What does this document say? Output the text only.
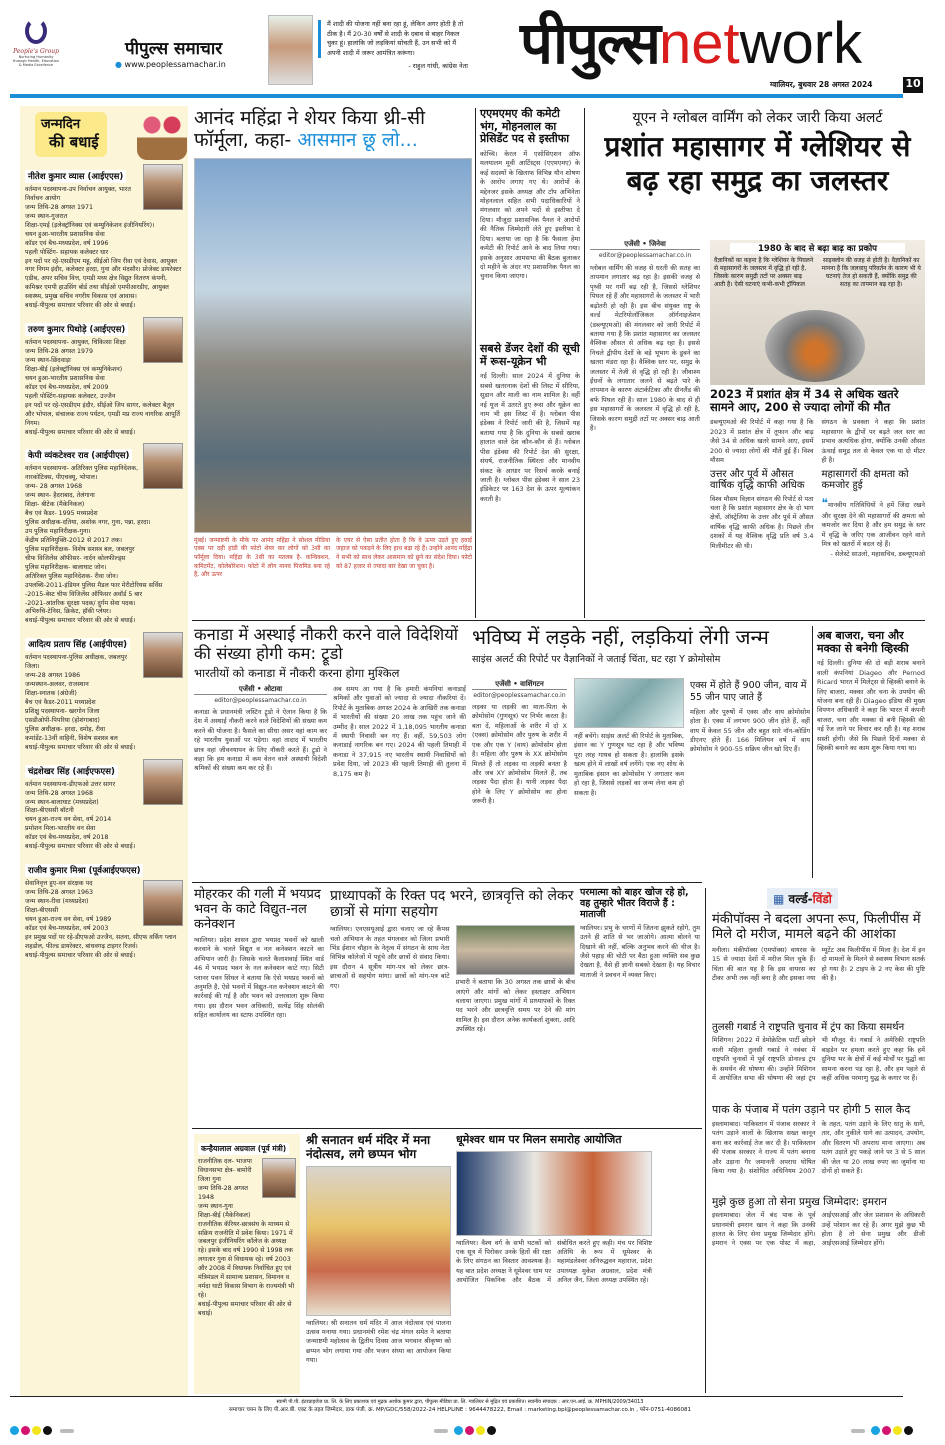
People's Group
Nurturing Humanity through Health, Education & Media Excellence
पीपुल्स समाचार
● www.peoplessamachar.in
मैं शादी की योजना नहीं बना रहा हूं, लेकिन अगर होती है तो ठीक है। मैं 20-30 वर्षों से शादी के दबाव से बाहर निकल चुका हूं। हालांकि जो लड़कियां सोचती हैं, उन सभी को मैं अपनी शादी में जरूर आमंत्रित करूंगा।
- राहुल गांधी, कांग्रेस नेता पीपुल्सnetwork
ग्वालियर, बुधवार 28 अगस्त 2024	10
जन्मदिन
की बधाई
नीतेश कुमार व्यास (आईएएस)
वर्तमान पदस्थापना-उप निर्वाचन आयुक्त, भारत निर्वाचन आयोग
जन्म तिथि-28 अगस्त 1971
जन्म स्थान-गुजरात
शिक्षा-एमई (इलेक्ट्रॉनिक्स एवं कम्युनिकेशन इंजीनियरिंग)।
चयन हुआ-भारतीय प्रशासनिक सेवा
कॉडर एवं बैच-मध्यप्रदेश, वर्ष 1996
पहली पोस्टिंग- सहायक कलेक्टर धार
इन पदों पर रहे-एसडीएम महू, सीईओ जिप रीवा एवं देवास, आयुक्त नगर निगम इंदौर, कलेक्टर हरदा, गुना और मंदसौर। प्रोजेक्ट डायरेक्टर एडीब, अपर सचिव वित्त, एमडी मध्य क्षेत्र विद्युत वितरण कंपनी, कमिश्नर एमपी हाउसिंग बोर्ड तथा सीईओ एमपीआरडीए, आयुक्त स्वास्थ्य, प्रमुख सचिव नगरीय विकास एवं आवास।
बधाई-पीपुल्स समाचार परिवार की ओर से बधाई।
तरुण कुमार पिथोड़े (आईएएस)
वर्तमान पदस्थापना- आयुक्त, चिकित्सा शिक्षा
जन्म तिथि-28 अगस्त 1979
जन्म स्थान-छिंदवाड़ा
शिक्षा-बीई (इलेक्ट्रॉनिक्स एवं कम्युनिकेशन)
चयन हुआ-भारतीय प्रशासनिक सेवा
कॉडर एवं बैच-मध्यप्रदेश, वर्ष 2009
पहली पोस्टिंग-सहायक कलेक्टर, उज्जैन
इन पदों पर रहे-एसडीएम इंदौर, सीईओ जिप सागर, कलेक्टर बैतूल और भोपाल, संचालक राज्य पर्यटन, एमडी मप्र राज्य नागरिक आपूर्ति निगम।
बधाई-पीपुल्स समाचार परिवार की ओर से बधाई।
केपी व्यंकटेश्वर राव (आईपीएस)
वर्तमान पदस्थापना- अतिरिक्त पुलिस महानिदेशक, नारकोटिक्स, पीएचक्यू, भोपाल।
जन्म- 28 अगस्त 1968
जन्म स्थान- हैदराबाद, तेलंगाना
शिक्षा- बीटेक (मैकेनिकल)
बैच एवं कैडर- 1995 मध्यप्रदेश
पुलिस अधीक्षक-दतिया, अशोक नगर, गुना, पन्ना, हरदा।
उप पुलिस महानिरीक्षक-गुना।
केंद्रीय प्रतिनियुक्ति-2012 से 2017 तक।
पुलिस महानिरीक्षक- विशेष सशस्त्र बल, जबलपुर
चीफ विजिलेंस ऑफीसर- नार्दन कोलफील्ड्स
पुलिस महानिरीक्षक- बालाघाट जोन।
अतिरिक्त पुलिस महानिदेशक- रीवा जोन।
उपलब्धि-2011-इंडियन पुलिस मैडल फार मेरीटोरियस सर्विस
-2015-बेस्ट चीफ विजिलेंस ऑफिसर अवॉर्ड 5 बार
-2021-आंतरिक सुरक्षा पदक/ दुर्गम सेवा पदक।
अभिरुचि-टेनिस, क्रिकेट, हॉकी प्लेयर।
बधाई-पीपुल्स समाचार परिवार की ओर से बधाई।
आदित्य प्रताप सिंह (आईपीएस)
वर्तमान पदस्थापना-पुलिस अधीक्षक, जबलपुर जिला।
जन्म-28 अगस्त 1986
जन्मस्थान-अलवर, राजस्थान
शिक्षा-स्नातक (अंग्रेजी)
बैच एवं कैडर-2011 मध्यप्रदेश
प्रशिक्षु पदस्थापना- खरगोन जिला
एसडीओपी-पिपरिया (होशंगाबाद)
पुलिस अधीक्षक- हरदा, दमोह, रीवा
कमांडेंट-13वीं वाहिनी, विशेष सशस्त्र बल
बधाई-पीपुल्स समाचार परिवार की ओर से बधाई।
चंद्रशेखर सिंह (आईएफएस)
वर्तमान पदस्थापना-डीएफओ उत्तर सागर
जन्म तिथि-28 अगस्त 1968
जन्म स्थान-बालाघाट (मध्यप्रदेश)
शिक्षा-बीएससी बॉटनी
चयन हुआ-राज्य वन सेवा, वर्ष 2014
प्रमोशन मिला-भारतीय वन सेवा
कॉडर एवं बैच-मध्यप्रदेश, वर्ष 2018
बधाई-पीपुल्स समाचार परिवार की ओर से बधाई।
राजीव कुमार मिश्रा (पूर्वआईएफएस)
सेवानिवृत्त हुए-वन संरक्षक पद
जन्म तिथि-28 अगस्त 1963
जन्म स्थान-रीवा (मध्यप्रदेश)
शिक्षा-बीएससी
चयन हुआ-राज्य वन सेवा, वर्ष 1989
कॉडर एवं बैच-मध्यप्रदेश, वर्ष 2003
इन प्रमुख पदों पर रहे-डीएफओ उज्जैन, सतना, सीएफ वर्किंग प्लान शहडोल, फील्ड डायरेक्टर, बांधवगढ़ टाइगर रिजर्व।
बधाई-पीपुल्स समाचार परिवार की ओर से बधाई।
आनंद महिंद्रा ने शेयर किया थ्री-सी फॉर्मूला, कहा- आसमान छू लो...
मुंबई। जन्माष्टमी के मौके पर आनंद महिंद्रा ने सोशल मीडिया एक्स पर दही हांडी की फोटो शेयर कर लोगों को 3सी का फॉर्मूला दिया। महिंद्रा के 3सी का मतलब है- कन्विक्शन, कमिटमेंट, कोलेबोरेशन। फोटो में लोग मानव पिरामिड बना रहे हैं, और ऊपर
के एयर से ऐसा प्रतीत होता है कि वे ऊपर उड़ते हुए हवाई जहाज को पकड़ने के लिए हाथ बढ़ा रहे हैं। उन्होंने आनंद महिंद्रा ने सभी को साथ लेकर आसमान को छूने का संदेश दिया। फोटो को 87 हजार से ज्यादा बार देखा जा चुका है।
एएमएमए की कमेटी भंग, मोहनलाल का प्रेसिडेंट पद से इस्तीफा
कोच्चि। केरल में एसोसिएशन ऑफ मलयालम मूवी आर्टिस्ट्स (एएमएमए) के कई सदस्यों के खिलाफ विभिन्न यौन शोषण के आरोप लगाए गए थे। आरोपों के मद्देनजर इसके अध्यक्ष और टॉप अभिनेता मोहनलाल सहित सभी पदाधिकारियों ने मंगलवार को अपने पदों से इस्तीफा दे दिया। मौजूदा प्रशासनिक पैनल ने आरोपों की नैतिक जिम्मेदारी लेते हुए इस्तीफा दे दिया। बताया जा रहा है कि फैसला हेमा कमेटी की रिपोर्ट आने के बाद लिया गया। इसके अनुसार आमसभा की बैठक बुलाकर दो महीने के अंदर नए प्रशासनिक पैनल का चुनाव किया जाएगा।
सबसे डेंजर देशों की सूची में रूस-यूक्रेन भी
नई दिल्ली। साल 2024 में दुनिया के सबसे खतरनाक देशों की लिस्ट में सीरिया, सूडान और माली का नाम शामिल है। वहीं नई यूज में उतरते हुए रूस और यूक्रेन का नाम भी इस लिस्ट में है। ग्लोबल पीस इंडेक्स ने रिपोर्ट जारी की है, जिसमें यह बताया गया है कि दुनिया के सबसे खराब हालात वाले देश कौन-कौन से हैं। ग्लोबल पीस इंडेक्स की रिपोर्ट देश की सुरक्षा, संघर्ष, राजनीतिक स्थिरता और मानवीय संकट के आधार पर रिसर्च करके बनाई जाती है। ग्लोबल पीस इंडेक्स ने साल 23 इंडिकेटर पर 163 देश के ऊपर मूल्यांकन करती है।
यूएन ने ग्लोबल वार्मिंग को लेकर जारी किया अलर्ट
प्रशांत महासागर में ग्लेशियर से बढ़ रहा समुद्र का जलस्तर
एजेंसी • जिनेवा
editor@peoplessamachar.co.in
ग्लोबल वार्मिंग की वजह से धरती की सतह का तापमान लगातार बढ़ रहा है। इसकी वजह से पृथ्वी पर गर्मी बढ़ रही है, जिससे ग्लेशियर पिघल रहे हैं और महासागरों के जलस्तर में भारी बढ़ोतरी हो रही है। इस बीच संयुक्त राष्ट्र के वर्ल्ड मेटरियोलॉजिकल ऑर्गनाइजेशन (डब्ल्यूएमओ) की मंगलवार को जारी रिपोर्ट में बताया गया है कि प्रशांत महासागर का जलस्तर वैश्विक औसत से अधिक बढ़ रहा है। इससे निचले द्वीपीय देशों के बड़े भूभाग के डूबने का खतरा मंडरा रहा है। वैश्विक स्तर पर, समुद्र के जलस्तर में तेजी से वृद्धि हो रही है। जीवाश्म ईंधनों के लगातार जलने से बढ़ते पारे के तापमान के कारण अंटार्कटिका और ग्रीनलैंड की बर्फ पिघल रही है। साल 1980 के बाद से ही इस महासागरों के जलस्तर में वृद्धि हो रही है, जिसके कारण समुद्री तटों पर अक्सर बाढ़ आती है।
1980 के बाद से बढ़ा बाढ़ का प्रकोप
वैज्ञानिकों का कहना है कि ग्लेशियर के पिघलने से महासागरों के जलस्तर में वृद्धि हो रही है, जिसके कारण समुद्री तटों पर अक्सर बाढ़ आती है। ऐसी घटनाएं कभी-कभी ट्रॉपिकल
साइक्लोन की वजह से होती है। वैज्ञानिकों का मानना है कि जलवायु परिवर्तन के कारण भी ये घटनाएं तेज हो सकती हैं, क्योंकि समुद्र की सतह का तापमान बढ़ रहा है।
2023 में प्रशांत क्षेत्र में 34 से अधिक खतरे सामने आए, 200 से ज्यादा लोगों की मौत
डब्ल्यूएमओ की रिपोर्ट में कहा गया है कि 2023 में प्रशांत क्षेत्र में तूफान और बाढ़ जैसे 34 से अधिक खतरे सामने आए, इसमें 200 से ज्यादा लोगों की मौतें हुई हैं। विश्व मौसम
उत्तर और पूर्व में औसत वार्षिक वृद्धि काफी अधिक
विश्व मौसम विज्ञान संगठन की रिपोर्ट से पता चला है कि प्रशांत महासागर क्षेत्र के दो भाग क्षेत्रों, ऑस्ट्रेलिया के उत्तर और पूर्व में औसत वार्षिक वृद्धि काफी अधिक है। पिछले तीन दशकों में यह वैश्विक वृद्धि प्रति वर्ष 3.4 मिलीमीटर की थी।
संगठन के प्रवक्ता ने कहा कि प्रशांत महासागर के द्वीपों पर बढ़ते जल स्तर का प्रभाव अत्यधिक होगा, क्योंकि उनकी औसत ऊंचाई समुद्र तल से केवल एक या दो मीटर ही है।
महासागरों की क्षमता को कमजोर हुई
❝मानवीय गतिविधियों ने हमें जिंदा रखने और सुरक्षा देने की महासागरों की क्षमता को कमजोर कर दिया है और हम समुद्र के स्तर में वृद्धि के जरिए एक आजीवन रहने वाले मित्र को खतरों में बदल रहे हैं।
- सेलेस्टे साउलो, महासचिव, डब्ल्यूएमओ
कनाडा में अस्थाई नौकरी करने वाले विदेशियों की संख्या होगी कम: ट्रूडो
भारतीयों को कनाडा में नौकरी करना होगा मुश्किल
एजेंसी • ओटावा
editor@peoplessamachar.co.in
कनाडा के प्रधानमंत्री जस्टिन ट्रूडो ने ऐलान किया है कि देश में अस्थाई नौकरी करने वाले विदेशियों की संख्या कम करने की योजना है। फैसले का सीधा असर वहां काम कर रहे भारतीय युवाओं पर पड़ेगा। वहां तादाद में भारतीय छात्र वहां जीवनयापन के लिए नौकरी करते हैं। ट्रूडो ने कहा कि हम कनाडा में कम वेतन वाले अस्थायी विदेशी श्रमिकों की संख्या कम कर रहे हैं।
अब समय आ गया है कि हमारी कंपनियां कनाडाई श्रमिकों और युवाओं को ज्यादा से ज्यादा नौकरियां दें। रिपोर्ट के मुताबिक अगस्त 2024 के आखिरी तक कनाडा में भारतीयों की संख्या 20 लाख तक पहुंच जाने की उम्मीद है। साल 2022 में 1,18,095 भारतीय कनाडा में स्थायी निवासी बन गए हैं। वहीं, 59,503 लोग कनाडाई नागरिक बन गए। 2024 की पहली तिमाही में कनाडा ने 37,915 नए भारतीय स्थायी निवासियों को प्रवेश दिया, जो 2023 की पहली तिमाही की तुलना में 8,175 कम है।
भविष्य में लड़के नहीं, लड़कियां लेंगी जन्म
साइंस अलर्ट की रिपोर्ट पर वैज्ञानिकों ने जताई चिंता, घट रहा Y क्रोमोसोम
एजेंसी • वाशिंगटन
editor@peoplessamachar.co.in
लड़का या लड़की का माता-पिता के क्रोमोसोम (गुणसूत्र) पर निर्भर करता है। बता दें, महिलाओं के शरीर में दो X (एक्स) क्रोमोसोम और पुरुष के शरीर में एक और एक Y (वाय) क्रोमोसोम होता है। महिला और पुरुष के XX क्रोमोसोम मिलते हैं तो लड़का या लड़की बनता है और जब XY क्रोमोसोम मिलते हैं, तब लड़का पैदा होता है। यानी लड़का पैदा होने के लिए Y क्रोमोसोम का होना जरूरी है।
नहीं बचेंगे। साइंस अलर्ट की रिपोर्ट के मुताबिक, इंसान का Y गुणसूत्र घट रहा है और भविष्य पूरा तरह गायब हो सकता है। हालांकि इसके खत्म होने में लाखों वर्ष लगेंगे। एक नए शोध के मुताबिक इंसान का क्रोमोसोम Y लगातार कम हो रहा है, जिससे लड़कों का जन्म लेना कम हो सकता है।
एक्स में होते हैं 900 जीन, वाय में 55 जीन पाए जाते हैं
महिला और पुरुषों में एक्स और वाय क्रोमोसोम होता है। एक्स में लगभग 900 जीन होते हैं, वहीं वाय में केवल 55 जीन और बहुत सारे नॉन-कोडिंग डीएनए होते हैं। 166 मिलियन वर्ष में वाय क्रोमोसोम ने 900-55 सक्रिय जीन खो दिए हैं।
अब बाजरा, चना और मक्का से बनेगी व्हिस्की
नई दिल्ली। दुनिया की दो बड़ी शराब बनाने वाली कंपनियां Diageo और Pernod Ricard भारत में मिलेट्स से व्हिस्की बनाने के लिए बाजरा, मक्का और चना के उपयोग की योजना बना रही हैं। Diageo इंडिया की मुख्य विपणन अधिकारी ने कहा कि भारत में कंपनी बाजरा, चना और मक्का से बनी व्हिस्की की नई रेंज लाने पर विचार कर रही है। यह शराब सस्ती होगी। जैसे कि पिछले दिनों मक्का से व्हिस्की बनाने का काम शुरू किया गया था।
मोहरकर की गली में भयप्रद भवन के काटे विद्युत-नल कनेक्शन
ग्वालियर। प्रदेश शासन द्वारा भयप्रद भवनों को खाली करवाने के चलते विद्युत व नल कनेक्शन काटने का अभियान जारी है। जिसके चलते कैलाशवाई स्थित वार्ड 46 में भयप्रद भवन के नल कनेक्शन काटे गए। सिटी प्लानर पवन सिंघल ने बताया कि ऐसे भयप्रद भवनों को अनुमति है, ऐसे भवनों में विद्युत-नल कनेक्शन काटने की कार्रवाई की गई है और भवन को उत्तरवाला शुरू किया गया। इस दौरान भवन अधिकारी, सत्येंद्र सिंह सोलंकी सहित कार्यालय का स्टाफ उपस्थित रहा।
प्राध्यापकों के रिक्त पद भरने, छात्रवृत्ति को लेकर छात्रों से मांगा सहयोग
ग्वालियर। एनएसयूआई द्वारा चलाए जा रहे कैंपस चलो अभियान के तहत मंगलवार को जिला प्रभारी भिंड ईशान चौहान के नेतृत्व में संगठन के साथ नेता विभिन्न कॉलेजों में पहुंचे और छात्रों से संवाद किया। इस दौरान 4 सूत्रीय मांग-पत्र को लेकर छात्र-छात्राओं से सहयोग मांगा। छात्रों को मांग-पत्र बांटे गए।	प्रभारी ने बताया कि 30 अगस्त तक छात्रों के बीच जाएंगे और मांगों को लेकर हस्ताक्षर अभियान चलाया जाएगा। प्रमुख मांगों में प्राध्यापकों के रिक्त पद भरने और छात्रवृत्ति समय पर देने की मांग शामिल है। इस दौरान अनेक कार्यकर्ता शुक्ला, आदि उपस्थित रहे।
परमात्मा को बाहर खोज रहे हो, वह तुम्हारे भीतर विराजे हैं : माताजी
ग्वालियर। प्रभु के चरणों में जितना झुकते रहोगे, तुम उतने ही शांति से भर जाओगे। आत्मा बोलने या दिखाने की नहीं, बल्कि अनुभव करने की चीज है। जैसे पहाड़ की चोटी पर बैठा हुआ व्यक्ति सब कुछ देखता है, वैसे ही ज्ञानी सबको देखता है। यह विचार माताजी ने प्रवचन में व्यक्त किए।
▦ वर्ल्ड-विंडो
मंकीपॉक्स ने बदला अपना रूप, फिलीपींस में मिले दो मरीज, मामले बढ़ने की आशंका
मनीला। मंकीपॉक्स (एमपॉक्स) वायरस के 15 से ज्यादा देशों में मरीज मिल चुके हैं। चिंता की बात यह है कि इस वायरस का टीका अभी तक नहीं बना है और इसका नया म्यूटेंट अब फिलीपींस में मिला है। देश में इन दो मामलों के मिलने से स्वास्थ्य विभाग सतर्क हो गया है। 2 टाइप के 2 नए केस की पुष्टि की है।
तुलसी गबार्ड ने राष्ट्रपति चुनाव में ट्रंप का किया समर्थन
मिशिगन। 2022 में डेमोक्रेटिक पार्टी छोड़ने वाली महिला तुलसी गबार्ड ने नवंबर में राष्ट्रपति चुनावों में पूर्व राष्ट्रपति डोनाल्ड ट्रंप के समर्थन की घोषणा की। उन्होंने मिशिगन में आयोजित सभा की घोषणा की जहां ट्रंप भी मौजूद थे। गबार्ड ने अमेरिकी राष्ट्रपति बाइडेन पर हमला करते हुए कहा कि हमें दुनिया भर के क्षेत्रों में कई मोर्चों पर युद्धों का सामना करना पड़ रहा है, और हम पहले से कहीं अधिक परमाणु युद्ध के कगार पर हैं।
पाक के पंजाब में पतंग उड़ाने पर होगी 5 साल कैद
इस्लामाबाद। पाकिस्तान में पंजाब सरकार ने पतंग उड़ाने वालों के खिलाफ सख्त कानून बना कर कार्रवाई तेज कर दी है। पाकिस्तान की पंजाब सरकार ने राज्य में पतंग बनाना और उड़ाना गैर जमानती अपराध घोषित किया गया है। संशोधित अधिनियम 2007 के तहत, पतंग उड़ाने के लिए धातु के धागे, तार, और नुकीले धागे का उत्पादन, उपयोग, और वितरण भी अपराध माना जाएगा। अब पतंग उड़ाते हुए पकड़े जाने पर 3 से 5 साल की जेल या 20 लाख रुपए का जुर्माना या दोनों हो सकते हैं।
मुझे कुछ हुआ तो सेना प्रमुख जिम्मेदार: इमरान
इस्लामाबाद। जेल में बंद पाक के पूर्व प्रधानमंत्री इमरान खान ने कहा कि उनकी हालत के लिए सेना प्रमुख जिम्मेदार होंगे। इमरान ने एक्स पर एक पोस्ट में कहा, आईएसआई और जेल प्रशासन के अधिकारी उन्हें परेशान कर रहे हैं। अगर मुझे कुछ भी होता है तो सेना प्रमुख और डीजी आईएसआई जिम्मेदार होंगे।
कन्हैयालाल अग्रवाल (पूर्व मंत्री)
राजनीतिक दल- भाजपा
विधानसभा क्षेत्र- बामोरी जिला गुना
जन्म तिथि-28 अगस्त 1948
जन्म स्थान-गुना
शिक्षा-बीई (मैकेनिकल)
राजनीतिक कॅरियर-छात्रसंघ के माध्यम से सक्रिय राजनीति में प्रवेश किया। 1971 में जबलपुर इंजीनियरिंग कॉलेज के अध्यक्ष रहे। इसके बाद वर्ष 1990 से 1998 तक लगातार गुना से विधायक रहे। वर्ष 2003 और 2008 में विधायक निर्वाचित हुए एवं मंत्रिमंडल में सामान्य प्रशासन, विमानन व नर्मदा घाटी विकास विभाग के राज्यमंत्री भी रहे।
बधाई-पीपुल्स समाचार परिवार की ओर से बधाई।
श्री सनातन धर्म मंदिर में मना नंदोत्सव, लगे छप्पन भोग
ग्वालियर। श्री सनातन धर्म मंदिर में आज नंदोत्सव एवं पालना उत्सव मनाया गया। प्रधानमंत्री रमेश चंद्र मंगल समेत ने बताया जन्माष्टमी महोत्सव के द्वितीय दिवस आज भगवान श्रीकृष्ण को छप्पन भोग लगाया गया और भजन संध्या का आयोजन किया गया।
धूमेश्वर धाम पर मिलन समारोह आयोजित
ग्वालियर। वैश्य वर्ग के सभी घटकों को एक सूत्र में पिरोकर उनके हितों की रक्षा के लिए संगठन का विस्तार आवश्यक है। यह बात प्रदेश अध्यक्ष ने धूमेश्वर धाम पर आयोजित पिकनिक और बैठक में संबोधित करते हुए कही। मंच पर विशिष्ट अतिथि के रूप में धूमेश्वर के महामंडलेश्वर अनिरुद्धवन महाराज, प्रदेश उपाध्यक्ष मुकेश अग्रवाल, प्रदेश मंत्री अनिल जैन, जिला अध्यक्ष उपस्थित रहे।
स्वामी पी.पी. इंटरप्राइजेज प्रा. लि. के लिए प्रकाशक एवं मुद्रक अशोक कुमार द्वारा, पीपुल्स मीडिया प्रा. लि. ग्वालियर से मुद्रित एवं प्रकाशित। स्थानीय संपादक : आर.एन.आई. क्र. MPHIN/2009/34013
समाचार चयन के लिए पी.आर.बी. एक्ट के तहत जिम्मेदार, डाक पंजी. क्र. MP/GDC/558/2022-24 HELPLINE : 9644478222, Email : marketing.bpl@peoplessamachar.co.in , फोन-0751-4086081
